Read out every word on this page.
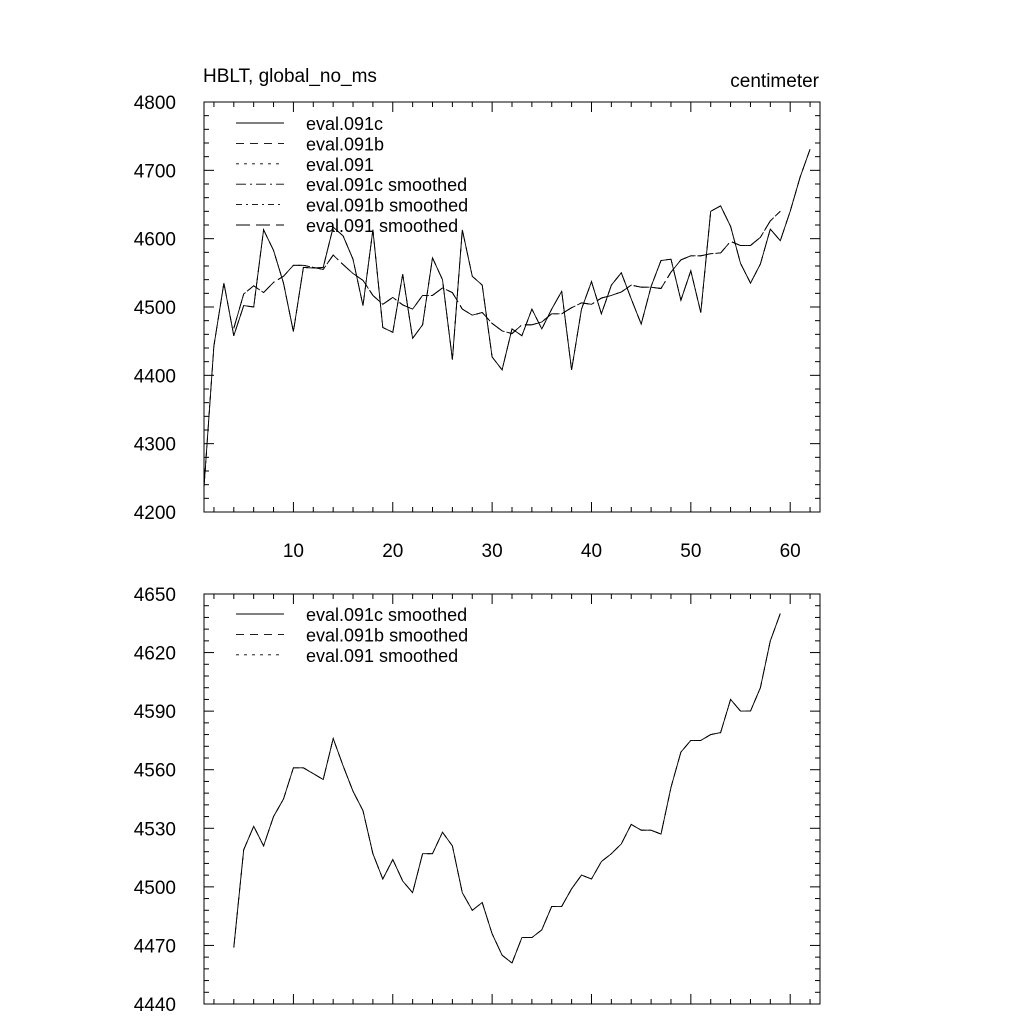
HBLT, global_no_ms	centimeter
4200
4300
4400
4500
4600
4700
4800
10	20	30	40	50	60
eval.091c
eval.091b
eval.091
eval.091c smoothed
eval.091b smoothed
eval.091 smoothed
4440
4470
4500
4530
4560
4590
4620
4650
eval.091c smoothed
eval.091b smoothed
eval.091 smoothed
